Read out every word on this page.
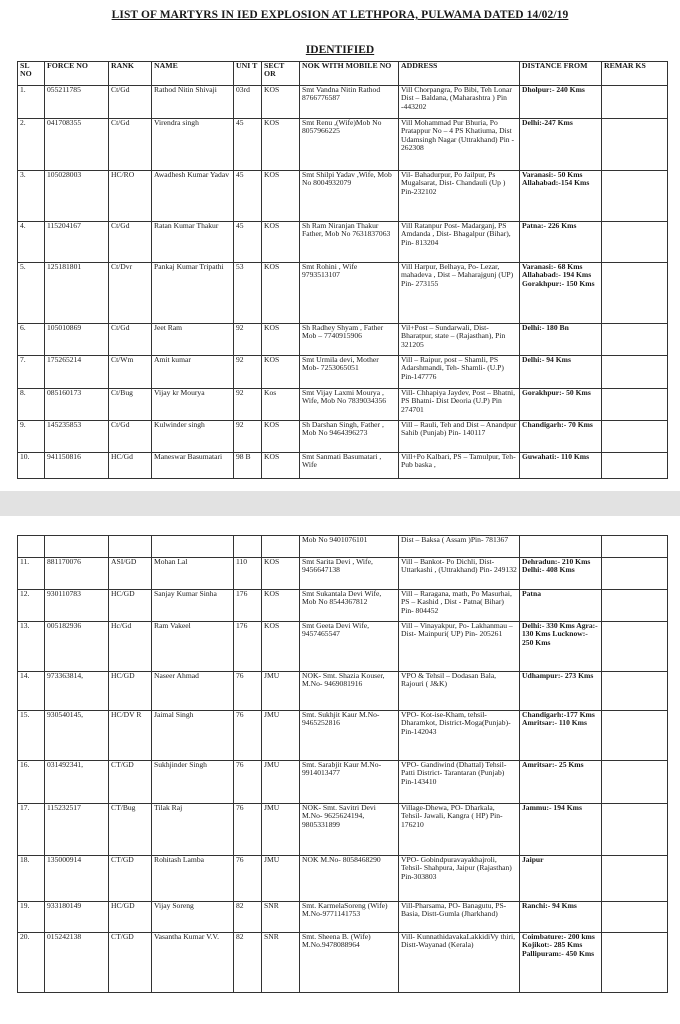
LIST OF MARTYRS IN IED EXPLOSION AT LETHPORA, PULWAMA DATED 14/02/19
IDENTIFIED
SL NO	FORCE NO	RANK	NAME	UNI T	SECT OR	NOK WITH MOBILE NO	ADDRESS	DISTANCE FROM	REMAR KS
1.	055211785	Ct/Gd	Rathod Nitin Shivaji	03rd	KOS	Smt Vandna Nitin Rathod 8766776587	Vill Chorpangra, Po Bibi, Teh Lonar Dist – Baldana, (Maharashtra ) Pin -443202	Dholpur:- 240 Kms	
2.	041708355	Ct/Gd	Virendra singh	45	KOS	Smt Renu ,(Wife)Mob No 8057966225	Vill Mohammad Pur Bhuria, Po Pratappur No – 4 PS Khatiuma, Dist Udamsingh Nagar (Uttrakhand) Pin - 262308	Delhi:-247 Kms	
3.	105028003	HC/RO	Awadhesh Kumar Yadav	45	KOS	Smt Shilpi Yadav ,Wife, Mob No 8004932079	Vil- Bahadurpur, Po Jailpur, Ps Mugalsarat, Dist- Chandauli (Up ) Pin-232102	Varanasi:- 50 Kms Allahabad:-154 Kms	
4.	115204167	Ct/Gd	Ratan Kumar Thakur	45	KOS	Sh Ram Niranjan Thakur Father, Mob No 7631837063	Vill Ratanpur Post- Madarganj, PS Amdanda , Dist- Bhagalpur (Bihar), Pin- 813204	Patna:- 226 Kms	
5.	125181801	Ct/Dvr	Pankaj Kumar Tripathi	53	KOS	Smt Rohini , Wife 9793513107	Vill Harpur, Belhaya, Po- Lezar, mahadeva , Dist – Maharajgunj (UP) Pin- 273155	Varanasi:- 68 Kms Allahabad:- 194 Kms Gorakhpur:- 150 Kms	
6.	105010869	Ct/Gd	Jeet Ram	92	KOS	Sh Radhey Shyam , Father Mob – 7740915906	Vil+Post – Sundarwali, Dist- Bharatpur, state – (Rajasthan), Pin 321205	Delhi:- 180 Bn	
7.	175265214	Ct/Wm	Amit kumar	92	KOS	Smt Urmila devi, Mother Mob- 7253065051	Vill – Raipur, post – Shamli, PS Adarshmandi, Teh- Shamli- (U.P) Pin-147776	Delhi:- 94 Kms	
8.	085160173	Ct/Bug	Vijay kr Mourya	92	Kos	Smt Vijay Laxmi Mourya , Wife, Mob No 7839034356	Vill- Chhapiya Jaydev, Post – Bhatni, PS Bhatni- Dist Deoria (U.P) Pin 274701	Gorakhpur:- 50 Kms	
9.	145235853	Ct/Gd	Kulwinder singh	92	KOS	Sh Darshan Singh, Father , Mob No 9464396273	Vill – Rauli, Teh and Dist – Anandpur Sahib (Punjab) Pin- 140117	Chandigarh:- 70 Kms	
10.	941150816	HC/Gd	Maneswar Basumatari	98 B	KOS	Smt Sanmati Basumatari , Wife	Vill+Po Kalbari, PS – Tamulpur, Teh- Pub baska ,	Guwahati:- 110 Kms	
						Mob No 9401076101	Dist – Baksa ( Assam )Pin- 781367		
11.	881170076	ASI/GD	Mohan Lal	110	KOS	Smt Sarita Devi , Wife, 9456647138	Vill – Bankot- Po Dichli, Dist- Uttarkashi , (Uttrakhand) Pin- 249132	Dehradun:- 210 Kms Delhi:- 408 Kms	
12.	930110783	HC/GD	Sanjay Kumar Sinha	176	KOS	Smt Sukantala Devi Wife, Mob No 8544367812	Vill – Raragana, math, Po Masurhai, PS – Kashid , Dist - Patna( Bihar) Pin- 804452	Patna	
13.	005182936	Hc/Gd	Ram Vakeel	176	KOS	Smt Geeta Devi Wife, 9457465547	Vill – Vinayakpur, Po- Lakhanmau – Dist- Mainpuri( UP) Pin- 205261	Delhi:- 330 Kms Agra:- 130 Kms Lucknow:- 250 Kms	
14.	973363814,	HC/GD	Naseer Ahmad	76	JMU	NOK- Smt. Shazia Kouser, M.No- 9469081916	VPO & Tehsil – Dodasan Bala, Rajouri ( J&K)	Udhampur:- 273 Kms	
15.	930540145,	HC/DV R	Jaimal Singh	76	JMU	Smt. Sukhjit Kaur M.No- 9465252816	VPO- Kot-ise-Kham, tehsil- Dharamkot, District-Moga(Punjab)- Pin-142043	Chandigarh:-177 Kms Amritsar:- 110 Kms	
16.	031492341,	CT/GD	Sukhjinder Singh	76	JMU	Smt. Sarabjit Kaur M.No- 9914013477	VPO- Gandiwind (Dhattal) Tehsil- Patti District- Tarantaran (Punjab) Pin-143410	Amritsar:- 25 Kms	
17.	115232517	CT/Bug	Tilak Raj	76	JMU	NOK- Smt. Savitri Devi M.No- 9625624194, 9805331899	Village-Dhewa, PO- Dharkala, Tehsil- Jawali, Kangra ( HP) Pin-176210	Jammu:- 194 Kms	
18.	135000914	CT/GD	Rohitash Lamba	76	JMU	NOK M.No- 8058468290	VPO- Gobindpuravayakhajroli, Tehsil- Shahpura, Jaipur (Rajasthan) Pin-303803	Jaipur	
19.	933180149	HC/GD	Vijay Soreng	82	SNR	Smt. KarmelaSoreng (Wife) M.No-9771141753	Vill-Pharsama, PO- Banagutu, PS-Basia, Distt-Gumla (Jharkhand)	Ranchi:- 94 Kms	
20.	015242138	CT/GD	Vasantha Kumar V.V.	82	SNR	Smt. Sheena B. (Wife) M.No.9478088964	Vill- KunnathidavakaLakkidiVy thiri, Distt-Wayanad (Kerala)	Coimbature:- 200 kms Kojikot:- 285 Kms Pallipuram:- 450 Kms	
